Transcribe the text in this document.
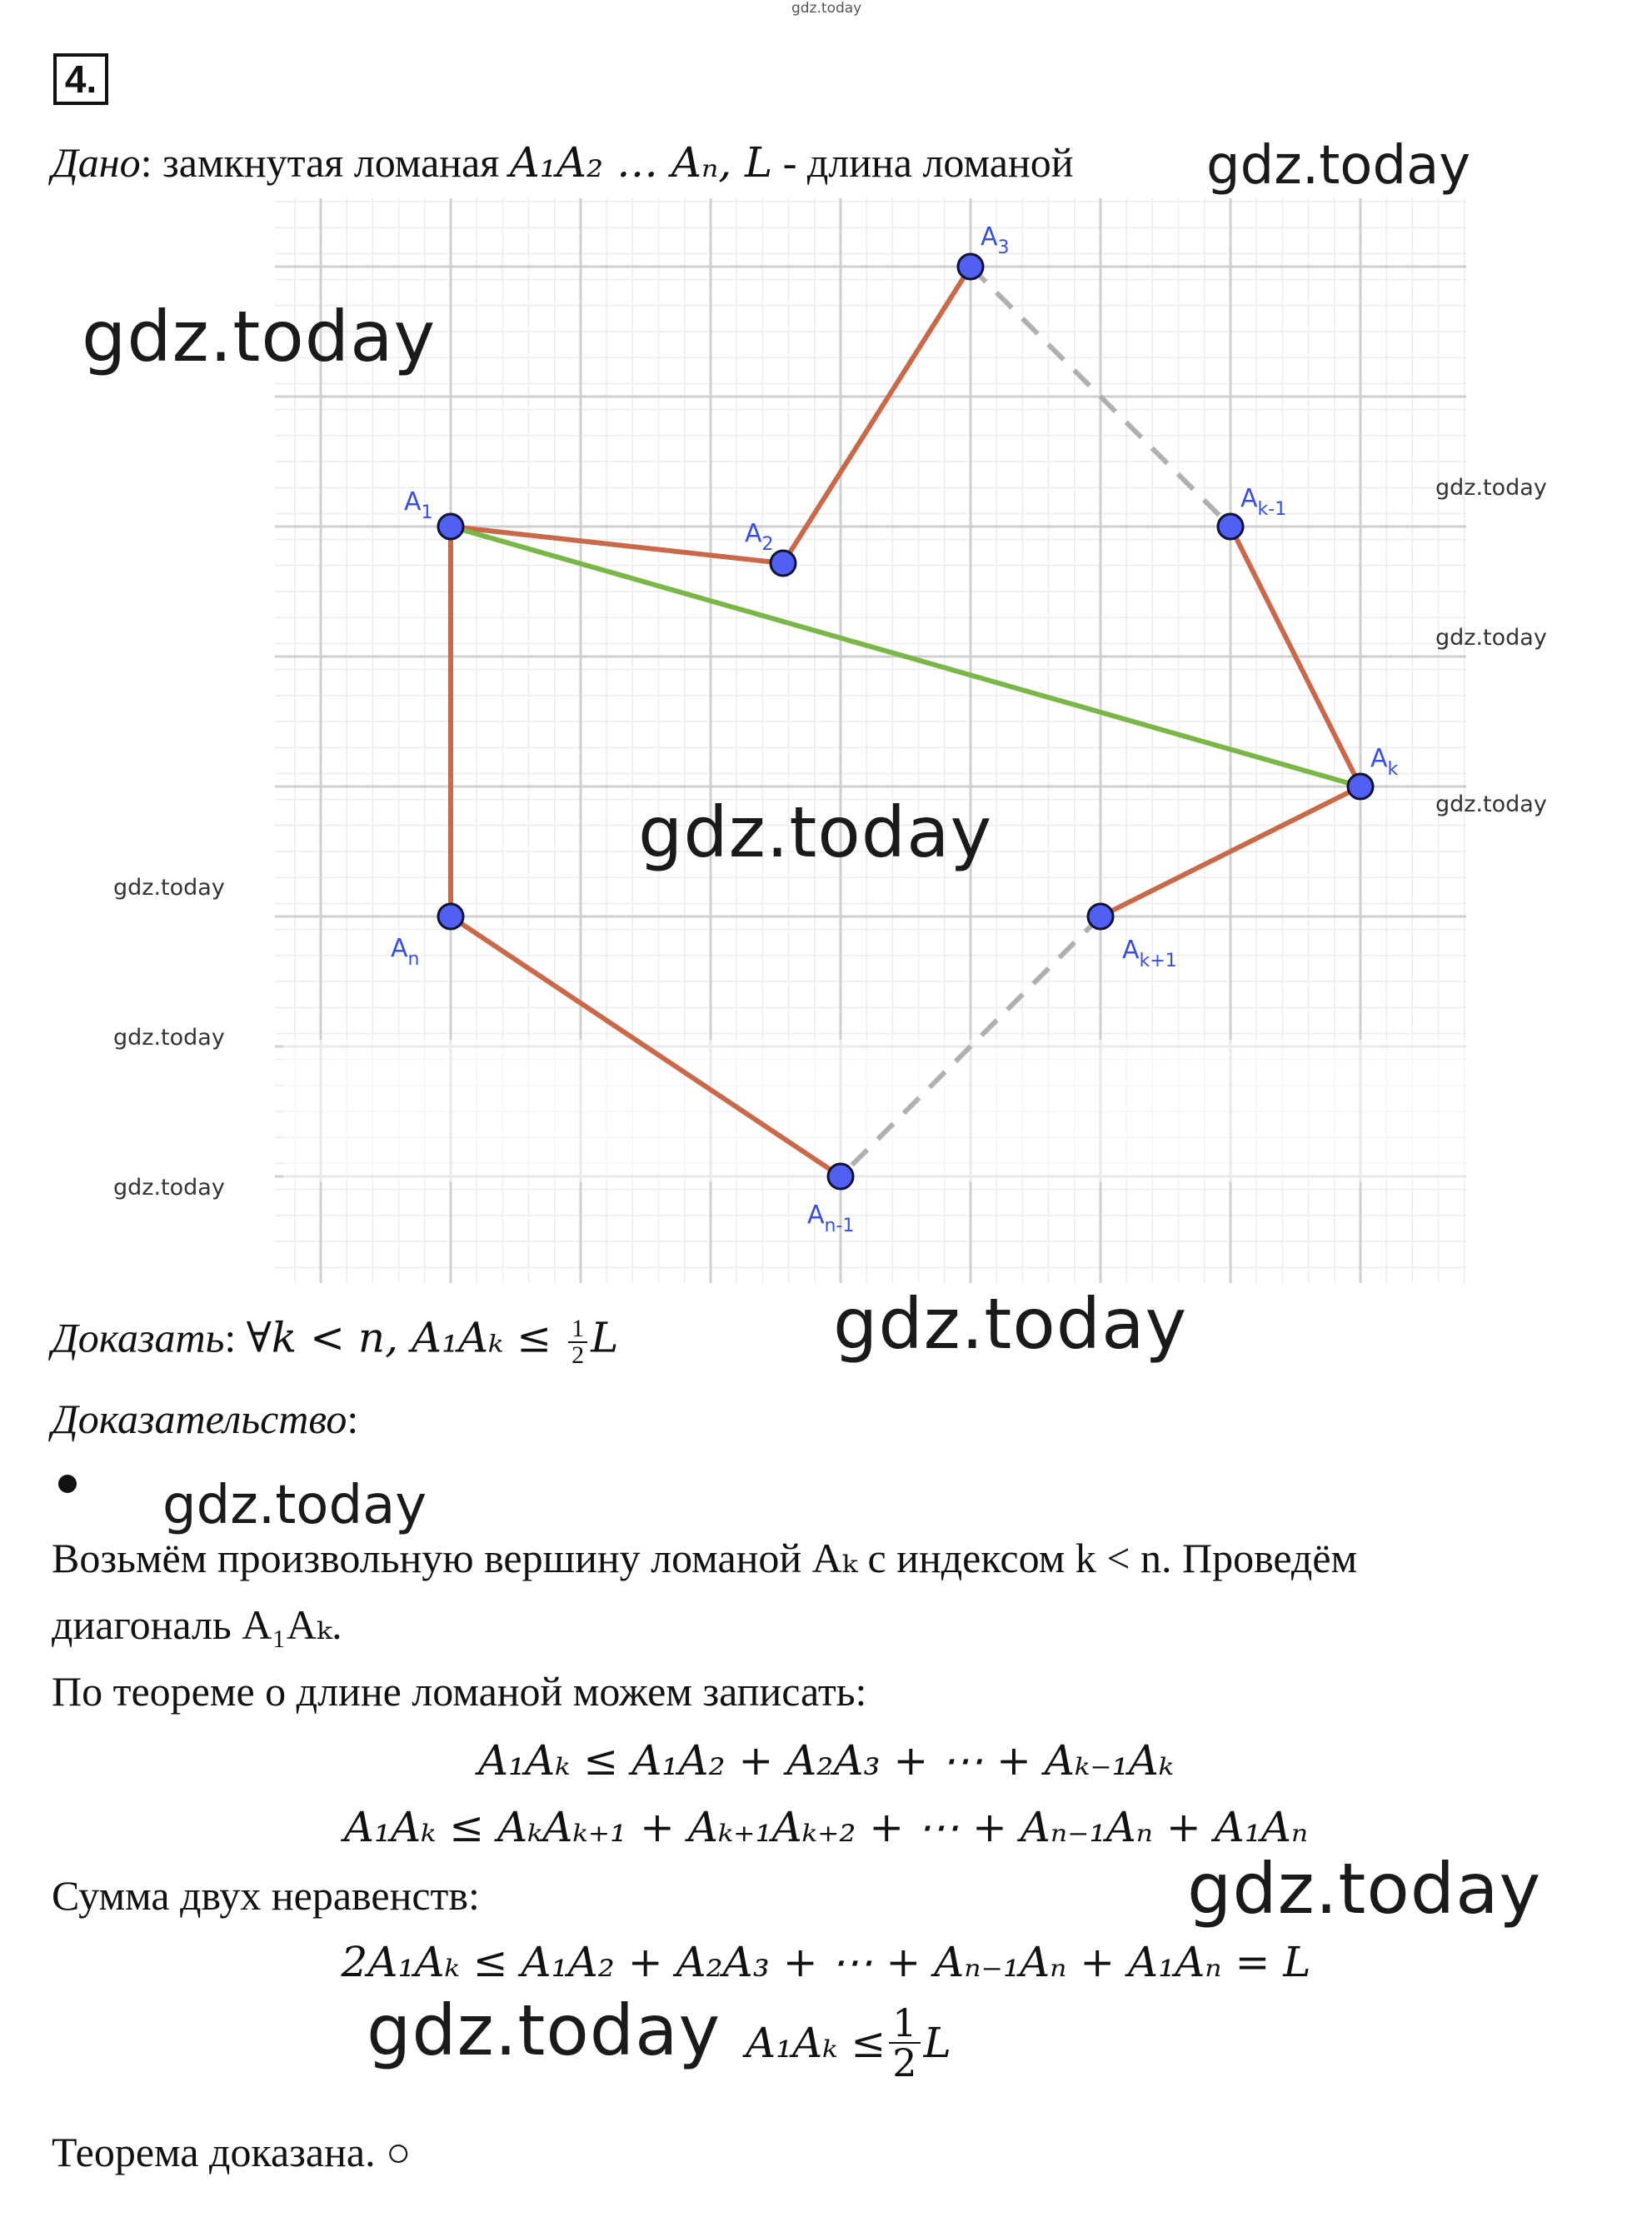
gdz.today
4.
Дано: замкнутая ломаная A₁A₂ … Aₙ, L - длина ломаной gdz.today
$A_1$
$A_2$
$A_3$
$A_{k-1}$
$A_k$
$A_{k+1}$
$A_{n-1}$
$A_n$
gdz.today
gdz.today
gdz.today
gdz.today
gdz.today
gdz.today
gdz.today
gdz.today
Доказать: ∀k < n, $A_1A_k \le \frac{1}{2}$ L	gdz.today
Доказательство:
gdz.today
Возьмём произвольную вершину ломаной Aₖ с индексом k < n. Проведём
диагональ A₁Aₖ.
По теореме о длине ломаной можем записать:
A₁Aₖ ≤ A₁A₂ + A₂A₃ + ⋯ + Aₖ₋₁Aₖ
A₁Aₖ ≤ AₖAₖ₊₁ + Aₖ₊₁Aₖ₊₂ + ⋯ + Aₙ₋₁Aₙ + A₁Aₙ
Сумма двух неравенств:	gdz.today
2A₁Aₖ ≤ A₁A₂ + A₂A₃ + ⋯ + Aₙ₋₁Aₙ + A₁Aₙ = L
gdz.today $A_1A_k \le \frac{1}{2}$ L
Теорема доказана. ○
